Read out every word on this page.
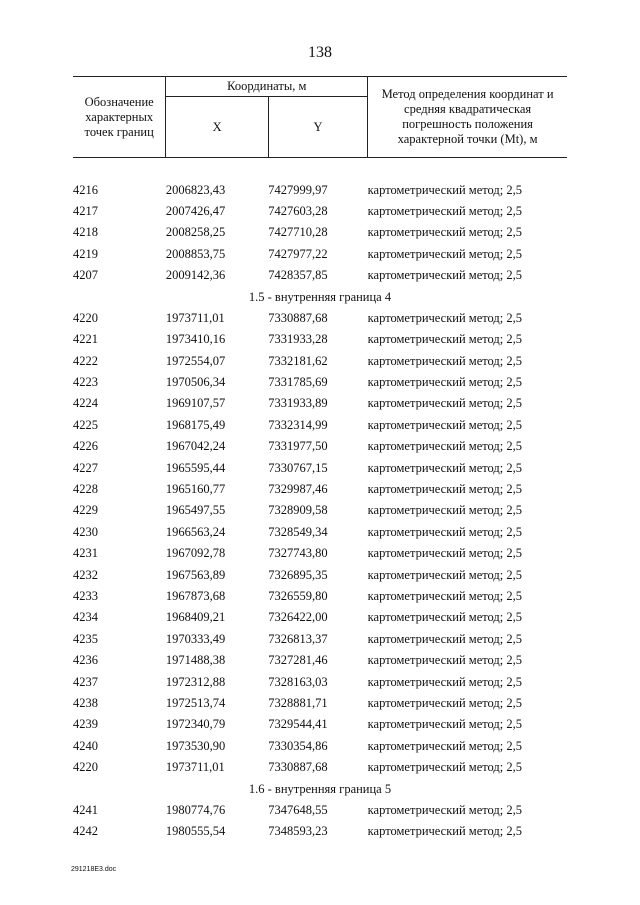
138
Обозначение характерных точек границ	Координаты, м		Метод определения координат и средняя квадратическая погрешность положения характерной точки (Mt), м
	X	Y	

4216	2006823,43	7427999,97	картометрический метод; 2,5
4217	2007426,47	7427603,28	картометрический метод; 2,5
4218	2008258,25	7427710,28	картометрический метод; 2,5
4219	2008853,75	7427977,22	картометрический метод; 2,5
4207	2009142,36	7428357,85	картометрический метод; 2,5
1.5 - внутренняя граница 4			
4220	1973711,01	7330887,68	картометрический метод; 2,5
4221	1973410,16	7331933,28	картометрический метод; 2,5
4222	1972554,07	7332181,62	картометрический метод; 2,5
4223	1970506,34	7331785,69	картометрический метод; 2,5
4224	1969107,57	7331933,89	картометрический метод; 2,5
4225	1968175,49	7332314,99	картометрический метод; 2,5
4226	1967042,24	7331977,50	картометрический метод; 2,5
4227	1965595,44	7330767,15	картометрический метод; 2,5
4228	1965160,77	7329987,46	картометрический метод; 2,5
4229	1965497,55	7328909,58	картометрический метод; 2,5
4230	1966563,24	7328549,34	картометрический метод; 2,5
4231	1967092,78	7327743,80	картометрический метод; 2,5
4232	1967563,89	7326895,35	картометрический метод; 2,5
4233	1967873,68	7326559,80	картометрический метод; 2,5
4234	1968409,21	7326422,00	картометрический метод; 2,5
4235	1970333,49	7326813,37	картометрический метод; 2,5
4236	1971488,38	7327281,46	картометрический метод; 2,5
4237	1972312,88	7328163,03	картометрический метод; 2,5
4238	1972513,74	7328881,71	картометрический метод; 2,5
4239	1972340,79	7329544,41	картометрический метод; 2,5
4240	1973530,90	7330354,86	картометрический метод; 2,5
4220	1973711,01	7330887,68	картометрический метод; 2,5
1.6 - внутренняя граница 5			
4241	1980774,76	7347648,55	картометрический метод; 2,5
4242	1980555,54	7348593,23	картометрический метод; 2,5
291218E3.doc
